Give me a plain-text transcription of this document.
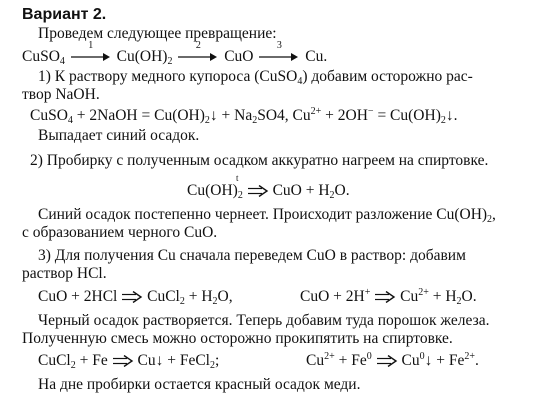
Вариант 2.
Проведем следующее превращение:
CuSO$_4$
1
$Cu(OH)_2$
2
CuO
3
Cu.
1) К раствору медного купороса (CuSO$_4$) добавим осторожно рас-
твор NaOH.
CuSO$_4$ + 2NaOH = $Cu(OH)_2↓ + Na_2SO4$, $Cu^{2+} + 2OH^-$ = $Cu(OH)_2↓$.
Выпадает синий осадок.
2) Пробирку с полученным осадком аккуратно нагреем на спиртовке.
t
$Cu(OH)_2$  CuO + $H_2O$.
Синий осадок постепенно чернеет. Происходит разложение $Cu(OH)_2$,
с образованием черного CuO.
3) Для получения Cu сначала переведем CuO в раствор: добавим
раствор HCl.
CuO + 2HCl  CuCl$_2$ + $H_2O$,	CuO + 2H+  $Cu^{2+} + H_2O$.
Черный осадок растворяется. Теперь добавим туда порошок железа.
Полученную смесь можно осторожно прокипятить на спиртовке.
CuCl$_2$ + Fe  Cu↓ + FeCl$_2$;	$Cu^{2+} + Fe^0$  $Cu^0↓ + Fe^{2+}$.
На дне пробирки остается красный осадок меди.
